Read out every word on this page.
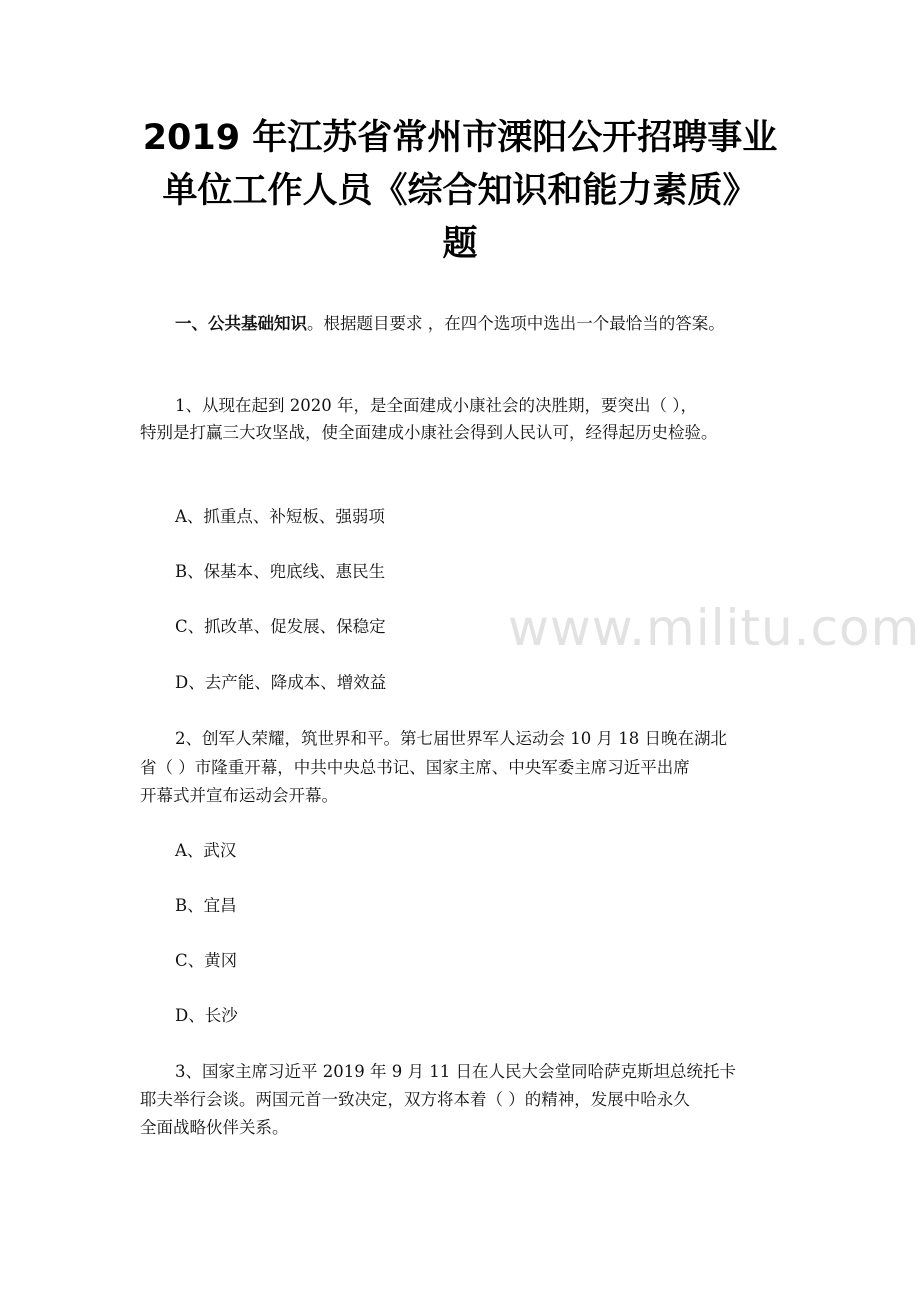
2019 年江苏省常州市溧阳公开招聘事业
单位工作人员《综合知识和能力素质》
题
一、公共基础知识。根据题目要求 ，在四个选项中选出一个最恰当的答案。
1、从现在起到 2020 年，是全面建成小康社会的决胜期，要突出（ ），
特别是打赢三大攻坚战，使全面建成小康社会得到人民认可，经得起历史检验。
A、抓重点、补短板、强弱项
B、保基本、兜底线、惠民生
C、抓改革、促发展、保稳定
D、去产能、降成本、增效益
2、创军人荣耀，筑世界和平。第七届世界军人运动会 10 月 18 日晚在湖北
省（ ）市隆重开幕，中共中央总书记、国家主席、中央军委主席习近平出席
开幕式并宣布运动会开幕。
A、武汉
B、宜昌
C、黄冈
D、长沙
3、国家主席习近平 2019 年 9 月 11 日在人民大会堂同哈萨克斯坦总统托卡
耶夫举行会谈。两国元首一致决定，双方将本着（ ）的精神，发展中哈永久
全面战略伙伴关系。
www.militu.com
